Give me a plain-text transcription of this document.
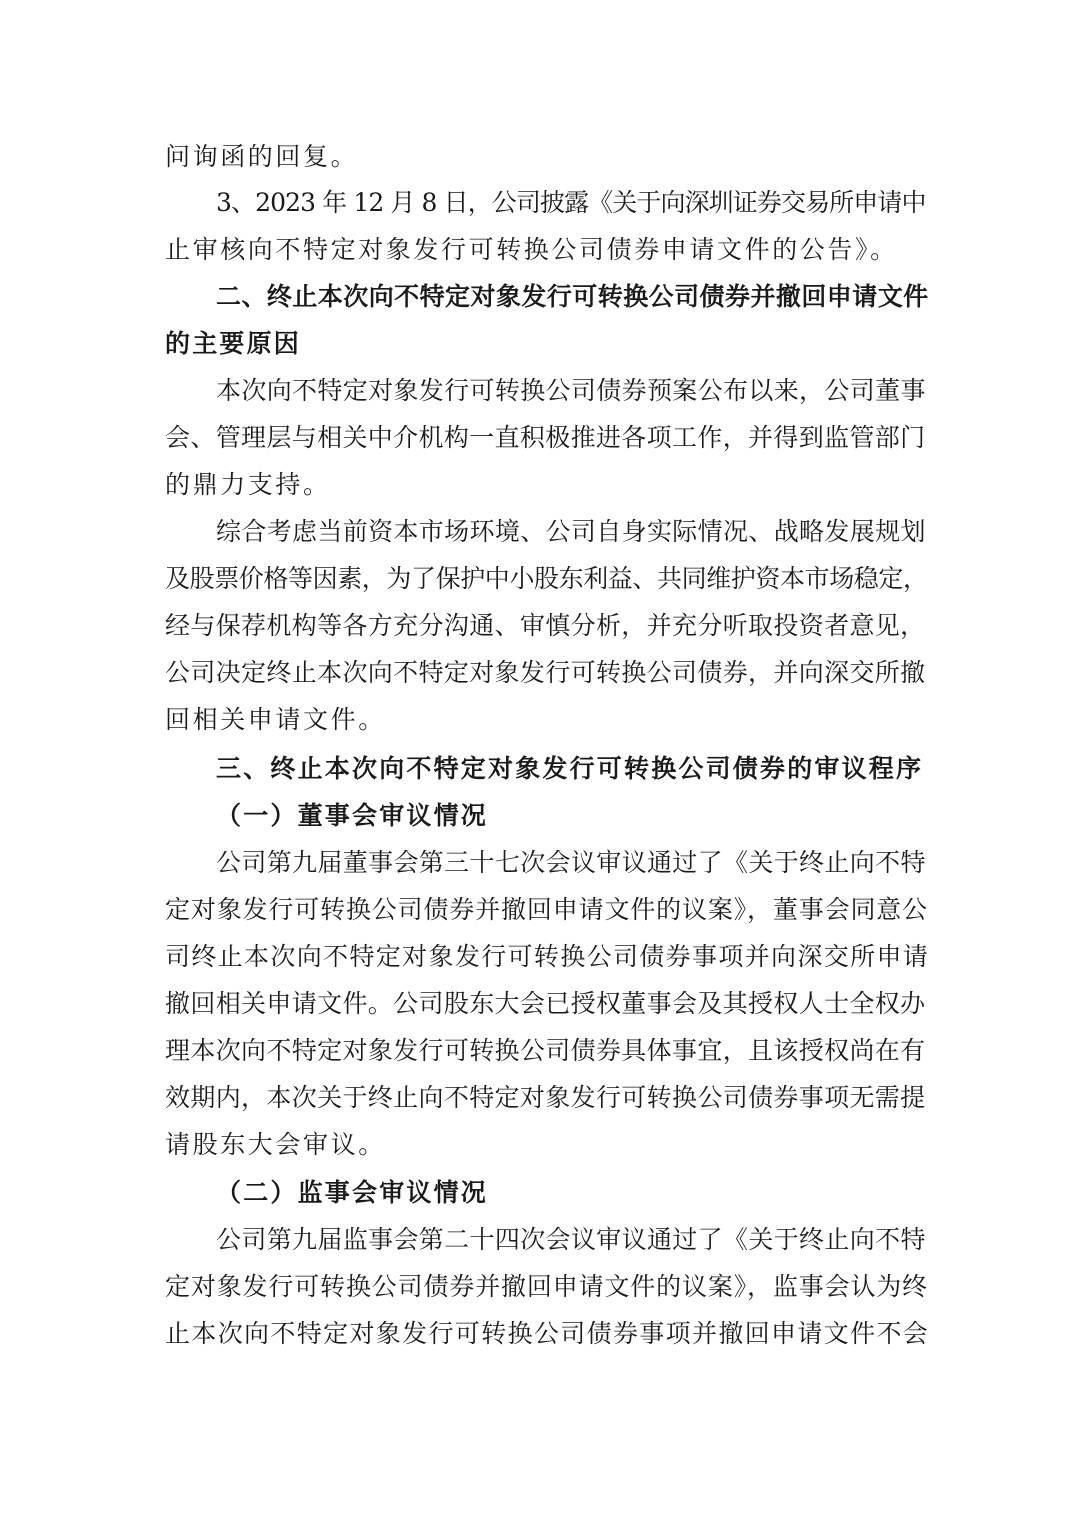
问询函的回复。
3、2023 年 12 月 8 日，公司披露《关于向深圳证券交易所申请中
止审核向不特定对象发行可转换公司债券申请文件的公告》。
二、终止本次向不特定对象发行可转换公司债券并撤回申请文件
的主要原因
本次向不特定对象发行可转换公司债券预案公布以来，公司董事
会、管理层与相关中介机构一直积极推进各项工作，并得到监管部门
的鼎力支持。
综合考虑当前资本市场环境、公司自身实际情况、战略发展规划
及股票价格等因素，为了保护中小股东利益、共同维护资本市场稳定，
经与保荐机构等各方充分沟通、审慎分析，并充分听取投资者意见，
公司决定终止本次向不特定对象发行可转换公司债券，并向深交所撤
回相关申请文件。
三、终止本次向不特定对象发行可转换公司债券的审议程序
（一）董事会审议情况
公司第九届董事会第三十七次会议审议通过了《关于终止向不特
定对象发行可转换公司债券并撤回申请文件的议案》，董事会同意公
司终止本次向不特定对象发行可转换公司债券事项并向深交所申请
撤回相关申请文件。公司股东大会已授权董事会及其授权人士全权办
理本次向不特定对象发行可转换公司债券具体事宜，且该授权尚在有
效期内，本次关于终止向不特定对象发行可转换公司债券事项无需提
请股东大会审议。
（二）监事会审议情况
公司第九届监事会第二十四次会议审议通过了《关于终止向不特
定对象发行可转换公司债券并撤回申请文件的议案》，监事会认为终
止本次向不特定对象发行可转换公司债券事项并撤回申请文件不会
